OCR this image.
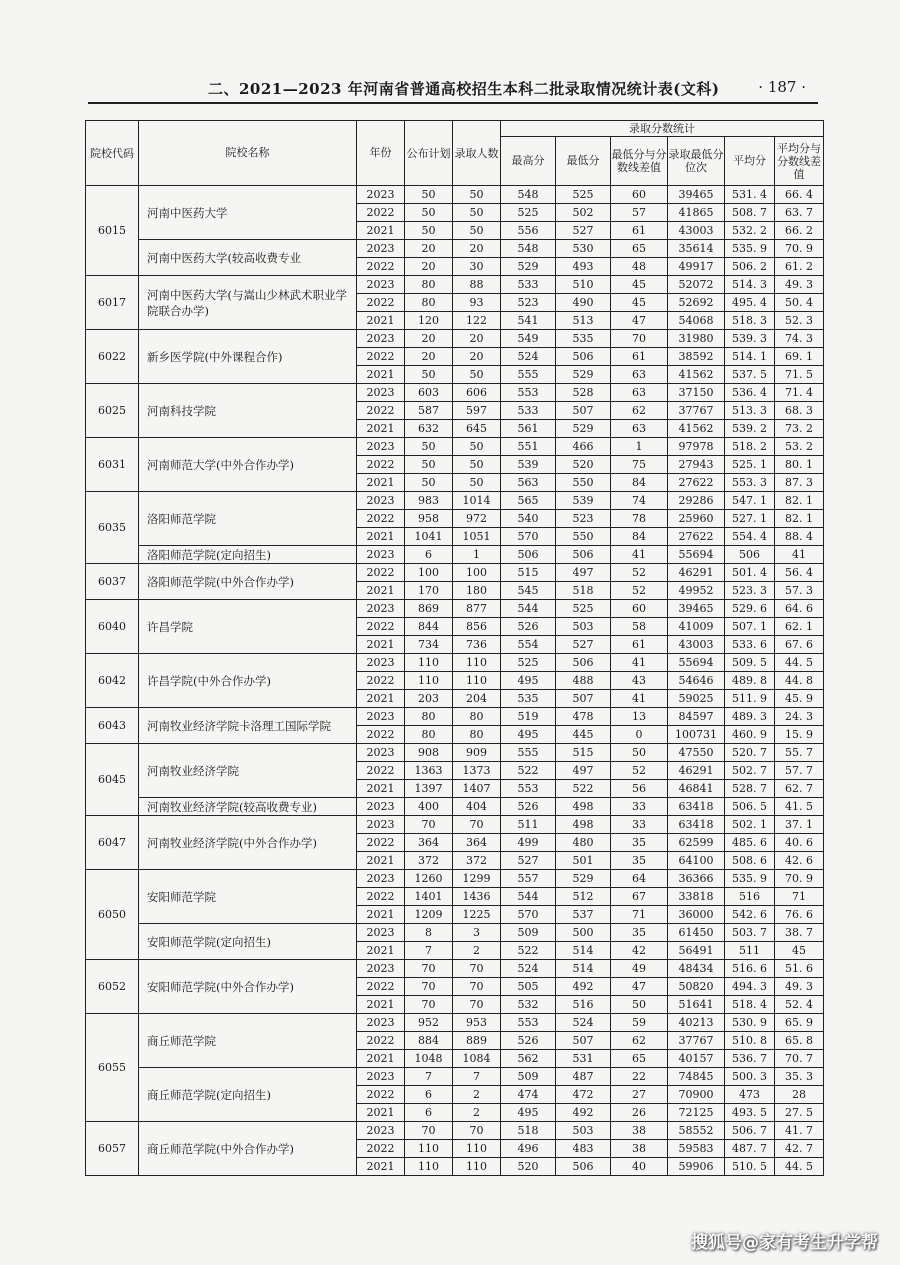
二、2021—2023 年河南省普通高校招生本科二批录取情况统计表(文科)	· 187 ·
院校代码	院校名称	年份	公布计划	录取人数	录取分数统计					
					最高分	最低分	最低分与分数线差值	录取最低分位次	平均分	平均分与分数线差值
6015	河南中医药大学	2023	50	50	548	525	60	39465	531. 4	66. 4
		2022	50	50	525	502	57	41865	508. 7	63. 7
		2021	50	50	556	527	61	43003	532. 2	66. 2
	河南中医药大学(较高收费专业	2023	20	20	548	530	65	35614	535. 9	70. 9
		2022	20	30	529	493	48	49917	506. 2	61. 2
6017	河南中医药大学(与嵩山少林武术职业学院联合办学)	2023	80	88	533	510	45	52072	514. 3	49. 3
		2022	80	93	523	490	45	52692	495. 4	50. 4
		2021	120	122	541	513	47	54068	518. 3	52. 3
6022	新乡医学院(中外课程合作)	2023	20	20	549	535	70	31980	539. 3	74. 3
		2022	20	20	524	506	61	38592	514. 1	69. 1
		2021	50	50	555	529	63	41562	537. 5	71. 5
6025	河南科技学院	2023	603	606	553	528	63	37150	536. 4	71. 4
		2022	587	597	533	507	62	37767	513. 3	68. 3
		2021	632	645	561	529	63	41562	539. 2	73. 2
6031	河南师范大学(中外合作办学)	2023	50	50	551	466	1	97978	518. 2	53. 2
		2022	50	50	539	520	75	27943	525. 1	80. 1
		2021	50	50	563	550	84	27622	553. 3	87. 3
6035	洛阳师范学院	2023	983	1014	565	539	74	29286	547. 1	82. 1
		2022	958	972	540	523	78	25960	527. 1	82. 1
		2021	1041	1051	570	550	84	27622	554. 4	88. 4
	洛阳师范学院(定向招生)	2023	6	1	506	506	41	55694	506	41
6037	洛阳师范学院(中外合作办学)	2022	100	100	515	497	52	46291	501. 4	56. 4
		2021	170	180	545	518	52	49952	523. 3	57. 3
6040	许昌学院	2023	869	877	544	525	60	39465	529. 6	64. 6
		2022	844	856	526	503	58	41009	507. 1	62. 1
		2021	734	736	554	527	61	43003	533. 6	67. 6
6042	许昌学院(中外合作办学)	2023	110	110	525	506	41	55694	509. 5	44. 5
		2022	110	110	495	488	43	54646	489. 8	44. 8
		2021	203	204	535	507	41	59025	511. 9	45. 9
6043	河南牧业经济学院卡洛理工国际学院	2023	80	80	519	478	13	84597	489. 3	24. 3
		2022	80	80	495	445	0	100731	460. 9	15. 9
6045	河南牧业经济学院	2023	908	909	555	515	50	47550	520. 7	55. 7
		2022	1363	1373	522	497	52	46291	502. 7	57. 7
		2021	1397	1407	553	522	56	46841	528. 7	62. 7
	河南牧业经济学院(较高收费专业)	2023	400	404	526	498	33	63418	506. 5	41. 5
6047	河南牧业经济学院(中外合作办学)	2023	70	70	511	498	33	63418	502. 1	37. 1
		2022	364	364	499	480	35	62599	485. 6	40. 6
		2021	372	372	527	501	35	64100	508. 6	42. 6
6050	安阳师范学院	2023	1260	1299	557	529	64	36366	535. 9	70. 9
		2022	1401	1436	544	512	67	33818	516	71
		2021	1209	1225	570	537	71	36000	542. 6	76. 6
	安阳师范学院(定向招生)	2023	8	3	509	500	35	61450	503. 7	38. 7
		2021	7	2	522	514	42	56491	511	45
6052	安阳师范学院(中外合作办学)	2023	70	70	524	514	49	48434	516. 6	51. 6
		2022	70	70	505	492	47	50820	494. 3	49. 3
		2021	70	70	532	516	50	51641	518. 4	52. 4
6055	商丘师范学院	2023	952	953	553	524	59	40213	530. 9	65. 9
		2022	884	889	526	507	62	37767	510. 8	65. 8
		2021	1048	1084	562	531	65	40157	536. 7	70. 7
	商丘师范学院(定向招生)	2023	7	7	509	487	22	74845	500. 3	35. 3
		2022	6	2	474	472	27	70900	473	28
		2021	6	2	495	492	26	72125	493. 5	27. 5
6057	商丘师范学院(中外合作办学)	2023	70	70	518	503	38	58552	506. 7	41. 7
		2022	110	110	496	483	38	59583	487. 7	42. 7
		2021	110	110	520	506	40	59906	510. 5	44. 5
搜狐号@家有考生升学帮
